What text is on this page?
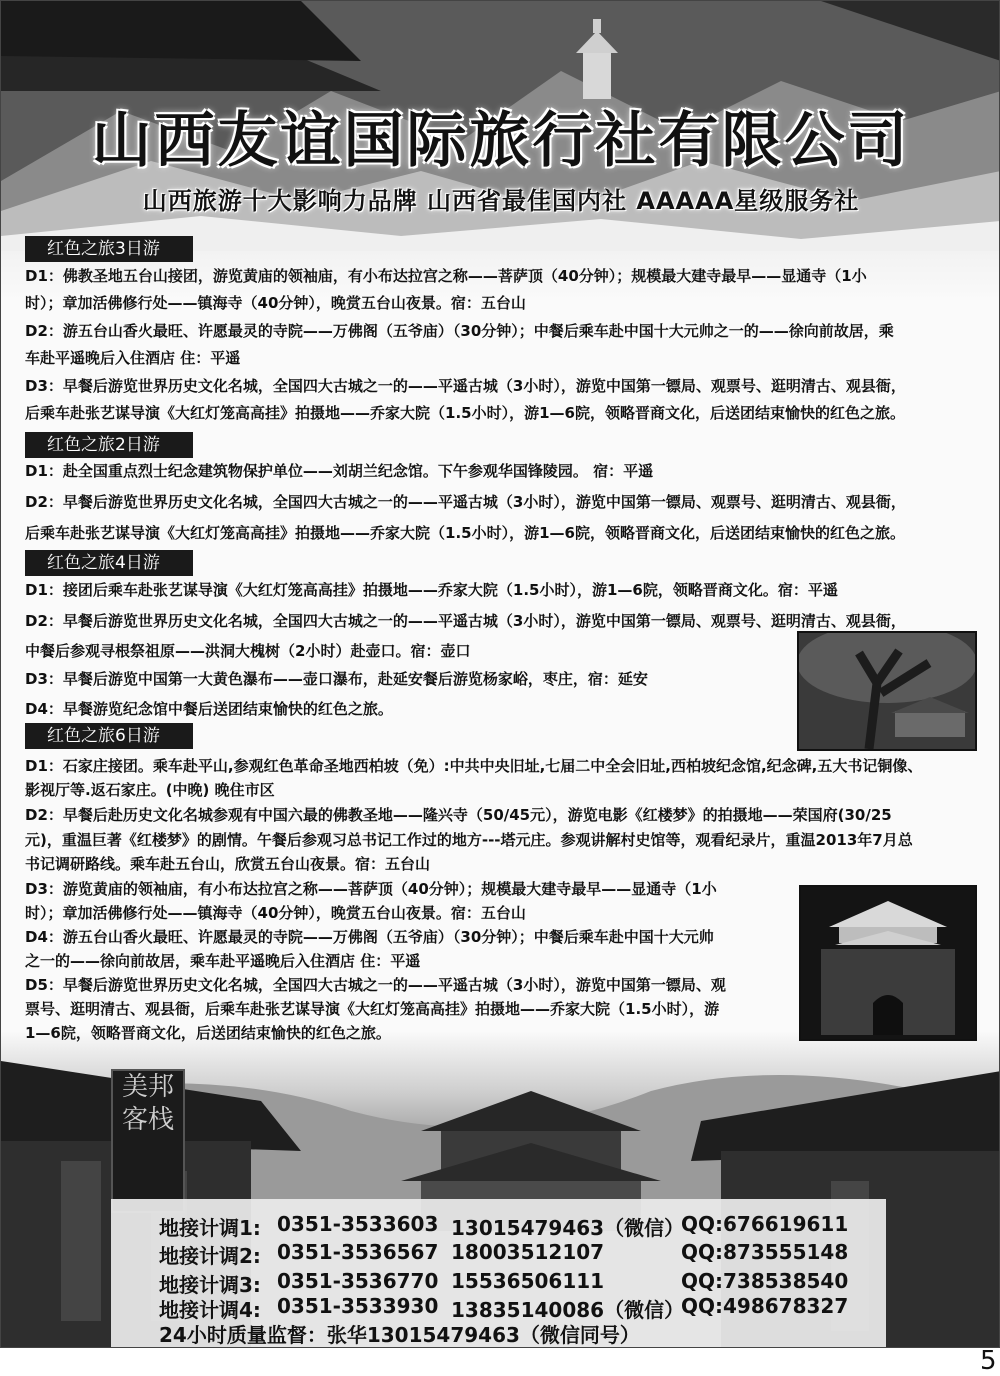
山西友谊国际旅行社有限公司
山西旅游十大影响力品牌 山西省最佳国内社 AAAAA星级服务社
红色之旅3日游
D1：佛教圣地五台山接团，游览黄庙的领袖庙，有小布达拉宫之称——菩萨顶（40分钟）；规模最大建寺最早——显通寺（1小
时）；章加活佛修行处——镇海寺（40分钟），晚赏五台山夜景。宿：五台山
D2：游五台山香火最旺、许愿最灵的寺院——万佛阁（五爷庙）（30分钟）；中餐后乘车赴中国十大元帅之一的——徐向前故居，乘
车赴平遥晚后入住酒店 住：平遥
D3：早餐后游览世界历史文化名城，全国四大古城之一的——平遥古城（3小时），游览中国第一镖局、观票号、逛明清古、观县衙，
后乘车赴张艺谋导演《大红灯笼高高挂》拍摄地——乔家大院（1.5小时），游1—6院，领略晋商文化，后送团结束愉快的红色之旅。
红色之旅2日游
D1：赴全国重点烈士纪念建筑物保护单位——刘胡兰纪念馆。下午参观华国锋陵园。 宿：平遥
D2：早餐后游览世界历史文化名城，全国四大古城之一的——平遥古城（3小时），游览中国第一镖局、观票号、逛明清古、观县衙，
后乘车赴张艺谋导演《大红灯笼高高挂》拍摄地——乔家大院（1.5小时），游1—6院，领略晋商文化，后送团结束愉快的红色之旅。
红色之旅4日游
D1：接团后乘车赴张艺谋导演《大红灯笼高高挂》拍摄地——乔家大院（1.5小时），游1—6院，领略晋商文化。宿：平遥
D2：早餐后游览世界历史文化名城，全国四大古城之一的——平遥古城（3小时），游览中国第一镖局、观票号、逛明清古、观县衙，
中餐后参观寻根祭祖原——洪洞大槐树（2小时）赴壶口。宿：壶口
D3：早餐后游览中国第一大黄色瀑布——壶口瀑布，赴延安餐后游览杨家峪，枣庄，宿：延安
D4：早餐游览纪念馆中餐后送团结束愉快的红色之旅。
红色之旅6日游
D1：石家庄接团。乘车赴平山,参观红色革命圣地西柏坡（免）:中共中央旧址,七届二中全会旧址,西柏坡纪念馆,纪念碑,五大书记铜像、
影视厅等.返石家庄。(中晚) 晚住市区
D2：早餐后赴历史文化名城参观有中国六最的佛教圣地——隆兴寺（50/45元），游览电影《红楼梦》的拍摄地——荣国府(30/25
元)，重温巨著《红楼梦》的剧情。午餐后参观习总书记工作过的地方---塔元庄。参观讲解村史馆等，观看纪录片，重温2013年7月总
书记调研路线。乘车赴五台山，欣赏五台山夜景。宿：五台山
D3：游览黄庙的领袖庙，有小布达拉宫之称——菩萨顶（40分钟）；规模最大建寺最早——显通寺（1小
时）；章加活佛修行处——镇海寺（40分钟），晚赏五台山夜景。宿：五台山
D4：游五台山香火最旺、许愿最灵的寺院——万佛阁（五爷庙）（30分钟）；中餐后乘车赴中国十大元帅
之一的——徐向前故居，乘车赴平遥晚后入住酒店 住：平遥
D5：早餐后游览世界历史文化名城，全国四大古城之一的——平遥古城（3小时），游览中国第一镖局、观
票号、逛明清古、观县衙，后乘车赴张艺谋导演《大红灯笼高高挂》拍摄地——乔家大院（1.5小时），游
1—6院，领略晋商文化，后送团结束愉快的红色之旅。
美邦客栈
地接计调1: 0351-3533603 13015479463（微信）
QQ:676619611
地接计调2: 0351-3536567 18003512107	QQ:873555148
地接计调3: 0351-3536770 15536506111	QQ:738538540
地接计调4: 0351-3533930 13835140086（微信）
QQ:498678327
24小时质量监督：张华13015479463（微信同号）
5
